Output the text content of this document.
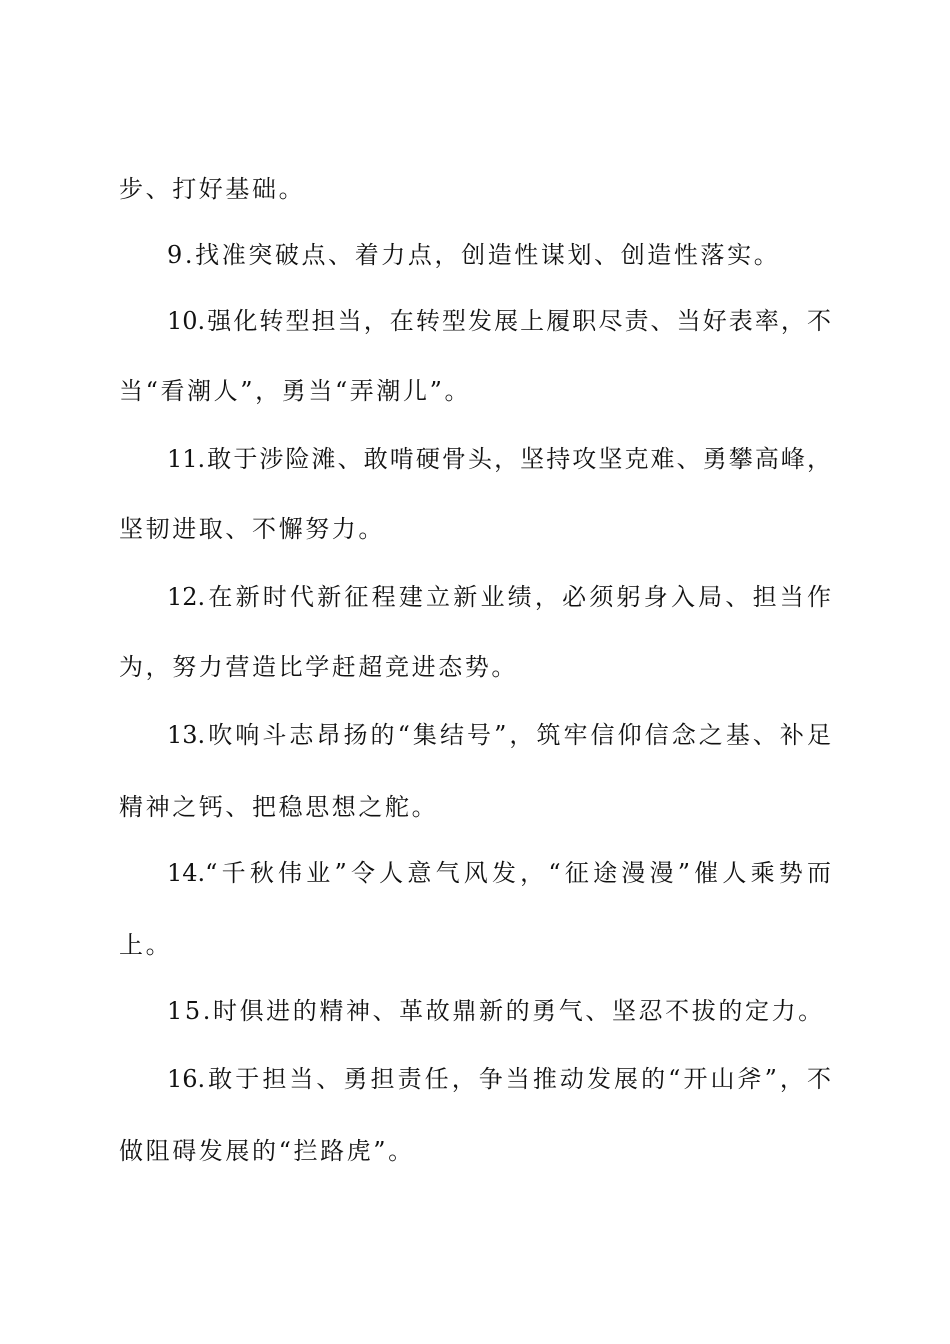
步、打好基础。
9.找准突破点、着力点，创造性谋划、创造性落实。
10.强化转型担当，在转型发展上履职尽责、当好表率，不
当“看潮人”，勇当“弄潮儿”。
11.敢于涉险滩、敢啃硬骨头，坚持攻坚克难、勇攀高峰，
坚韧进取、不懈努力。
12.在新时代新征程建立新业绩，必须躬身入局、担当作
为，努力营造比学赶超竞进态势。
13.吹响斗志昂扬的“集结号”，筑牢信仰信念之基、补足
精神之钙、把稳思想之舵。
14.“千秋伟业”令人意气风发，“征途漫漫”催人乘势而
上。
15.时俱进的精神、革故鼎新的勇气、坚忍不拔的定力。
16.敢于担当、勇担责任，争当推动发展的“开山斧”，不
做阻碍发展的“拦路虎”。
